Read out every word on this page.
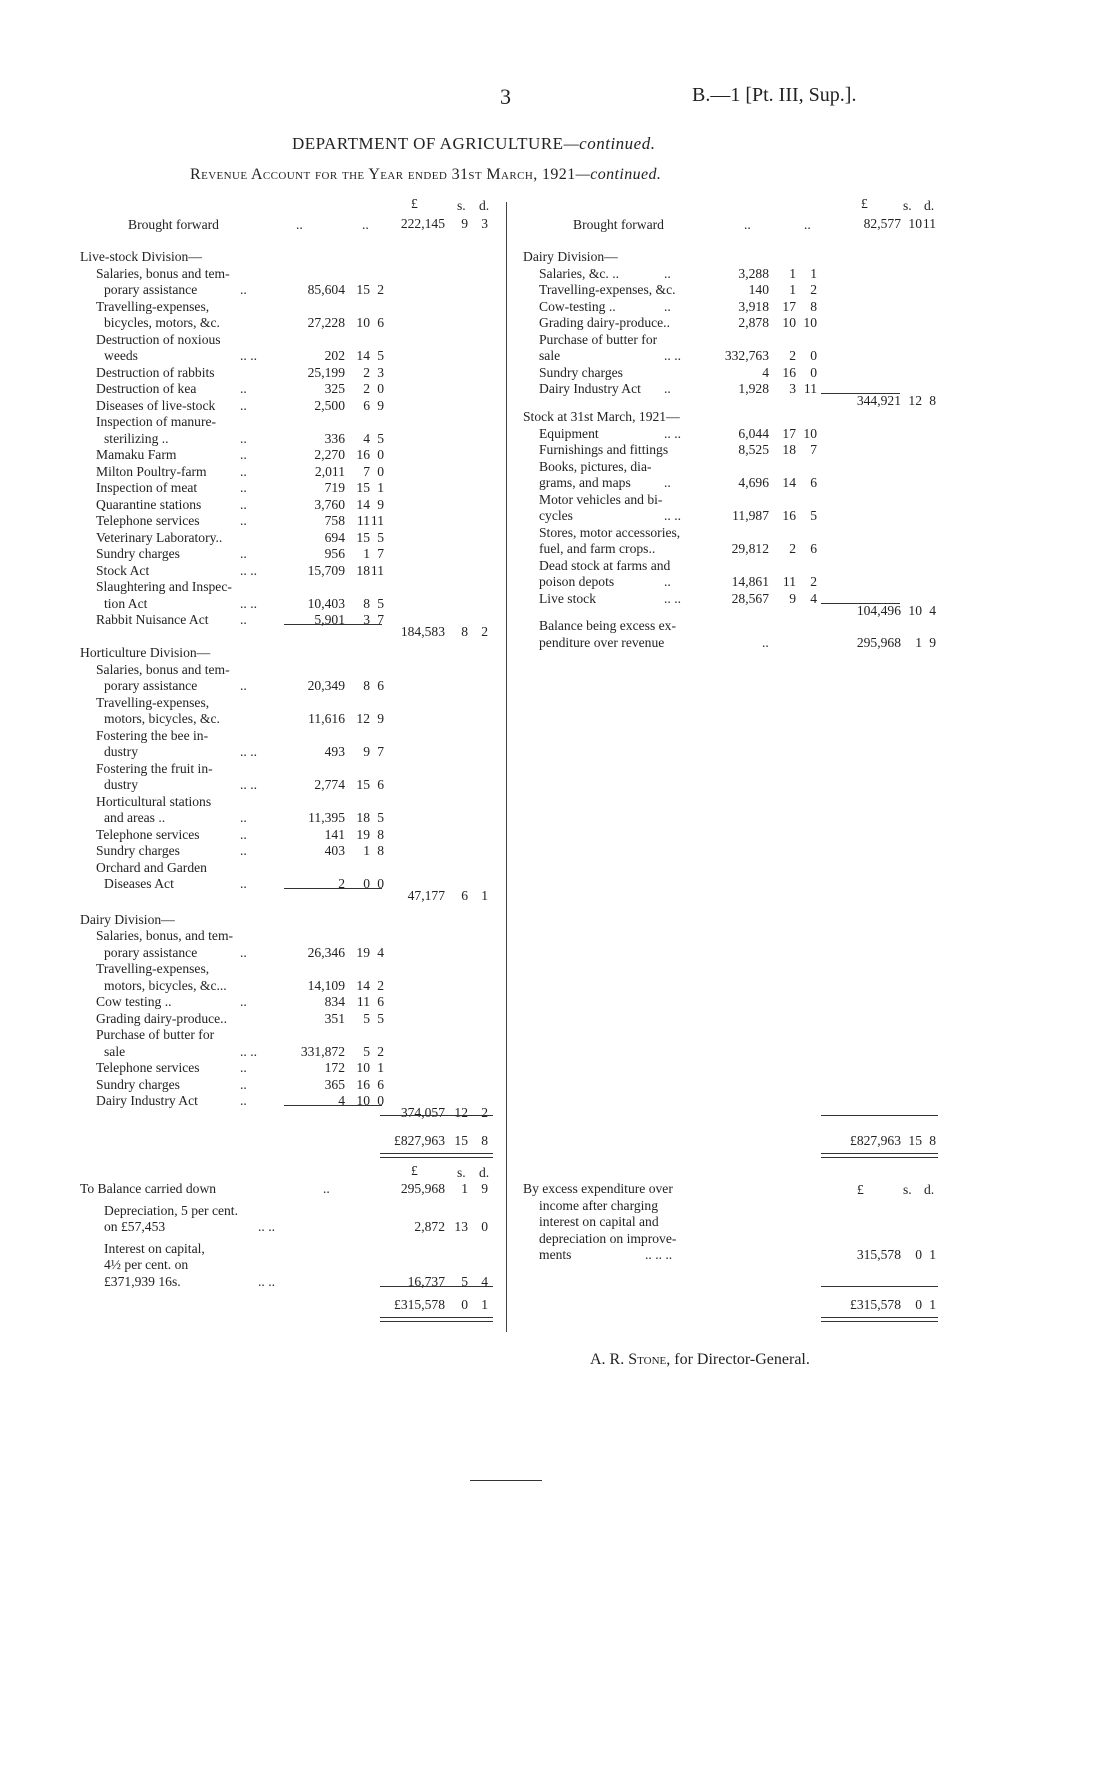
3	B.—1 [Pt. III, Sup.].
DEPARTMENT OF AGRICULTURE—continued.
Revenue Account for the Year ended 31st March, 1921—continued.
£	s. d.	£	s. d.
Brought forward	..	..	222,145	9 3
Live-stock Division—
Salaries, bonus and tem-
porary assistance	..	85,604 15 2
Travelling-expenses,
bicycles, motors, &c.	27,228 10 6
Destruction of noxious
weeds	.. ..	202 14 5
Destruction of rabbits	25,199	2 3
Destruction of kea	..	325	2 0
Diseases of live-stock ..	2,500	6 9
Inspection of manure-
sterilizing ..	..	336	4 5
Mamaku Farm	..	2,270 16 0
Milton Poultry-farm ..	2,011	7 0
Inspection of meat	..	719 15 1
Quarantine stations	..	3,760 14 9
Telephone services	..	758 11 11
Veterinary Laboratory..	694 15 5
Sundry charges	..	956	1 7
Stock Act	.. ..	15,709 18 11
Slaughtering and Inspec-
tion Act	.. ..	10,403	8 5
Rabbit Nuisance Act ..	5,901	3 7
184,583	8 2
Horticulture Division—
Salaries, bonus and tem-
porary assistance	..	20,349	8 6
Travelling-expenses,
motors, bicycles, &c.	11,616 12 9
Fostering the bee in-
dustry	.. ..	493	9 7
Fostering the fruit in-
dustry	.. ..	2,774 15 6
Horticultural stations
and areas ..	..	11,395 18 5
Telephone services	..	141 19 8
Sundry charges	..	403	1 8
Orchard and Garden
Diseases Act	..	2	0 0
47,177	6 1
Dairy Division—
Salaries, bonus, and tem-
porary assistance	..	26,346 19 4
Travelling-expenses,
motors, bicycles, &c...	14,109 14 2
Cow testing ..	..	834 11 6
Grading dairy-produce..	351	5 5
Purchase of butter for
sale	.. ..	331,872	5 2
Telephone services	..	172 10 1
Sundry charges	..	365 16 6
Dairy Industry Act	..	4 10 0
374,057 12 2
£827,963 15 8
To Balance carried down	..	295,968	1 9
Depreciation, 5 per cent.
on £57,453	.. ..	2,872 13 0
Interest on capital,
4½ per cent. on
£371,939 16s.	.. ..	16,737	5 4
£315,578	0 1
Brought forward	..	..	82,577 10 11
Dairy Division—
Salaries, &c. ..	..	3,288	1	1
Travelling-expenses, &c.	140	1	2
Cow-testing ..	..	3,918 17	8
Grading dairy-produce..	2,878 10 10
Purchase of butter for
sale	.. ..	332,763	2	0
Sundry charges	4 16	0
Dairy Industry Act ..	1,928	3 11
344,921 12 8
Stock at 31st March, 1921—
Equipment	.. ..	6,044 17 10
Furnishings and fittings	8,525 18	7
Books, pictures, dia-
grams, and maps ..	4,696 14	6
Motor vehicles and bi-
cycles	.. ..	11,987 16	5
Stores, motor accessories,
fuel, and farm crops..	29,812	2	6
Dead stock at farms and
poison depots	..	14,861	11	2
Live stock	.. ..	28,567	9	4
104,496 10 4
Balance being excess ex-
penditure over revenue	..	295,968	1 9
£827,963 15 8
By excess expenditure over
income after charging
interest on capital and
depreciation on improve-
ments	.. .. ..	315,578	0 1
£	s. d.
£315,578	0 1
£	s. d.
A. R. Stone, for Director-General.
